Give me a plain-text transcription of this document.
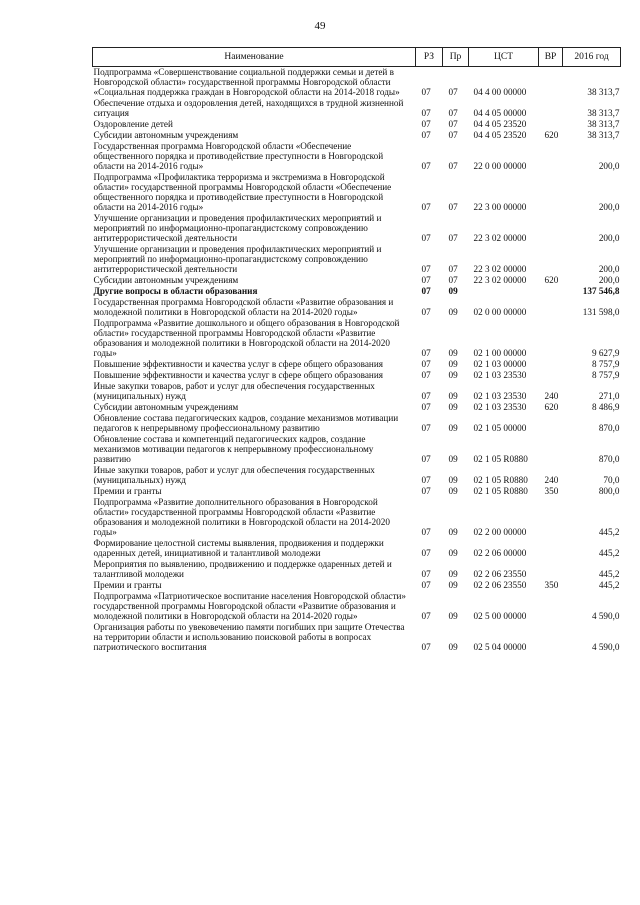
49
Наименование	РЗ	Пр	ЦСТ	ВР	2016 год
Подпрограмма «Совершенствование социальной поддержки семьи и детей в Новгородской области» государственной программы Новгородской области «Социальная поддержка граждан в Новгородской области на 2014-2018 годы»	07	07	04 4 00 00000		38 313,7
Обеспечение отдыха и оздоровления детей, находящихся в трудной жизненной ситуация	07	07	04 4 05 00000		38 313,7
Оздоровление детей	07	07	04 4 05 23520		38 313,7
Субсидии автономным учреждениям	07	07	04 4 05 23520	620	38 313,7
Государственная программа Новгородской области «Обеспечение общественного порядка и противодействие преступности в Новгородской области на 2014-2016 годы»	07	07	22 0 00 00000		200,0
Подпрограмма «Профилактика терроризма и экстремизма в Новгородской области» государственной программы Новгородской области «Обеспечение общественного порядка и противодействие преступности в Новгородской области на 2014-2016 годы»	07	07	22 3 00 00000		200,0
Улучшение организации и проведения профилактических мероприятий и мероприятий по информационно-пропагандистскому сопровождению антитеррористической деятельности	07	07	22 3 02 00000		200,0
Улучшение организации и проведения профилактических мероприятий и мероприятий по информационно-пропагандистскому сопровождению антитеррористической деятельности	07	07	22 3 02 00000		200,0
Субсидии автономным учреждениям	07	07	22 3 02 00000	620	200,0
Другие вопросы в области образования	07	09			137 546,8
Государственная программа Новгородской области «Развитие образования и молодежной политики в Новгородской области на 2014-2020 годы»	07	09	02 0 00 00000		131 598,0
Подпрограмма «Развитие дошкольного и общего образования в Новгородской области» государственной программы Новгородской области «Развитие образования и молодежной политики в Новгородской области на 2014-2020 годы»	07	09	02 1 00 00000		9 627,9
Повышение эффективности и качества услуг в сфере общего образования	07	09	02 1 03 00000		8 757,9
Повышение эффективности и качества услуг в сфере общего образования	07	09	02 1 03 23530		8 757,9
Иные закупки товаров, работ и услуг для обеспечения государственных (муниципальных) нужд	07	09	02 1 03 23530	240	271,0
Субсидии автономным учреждениям	07	09	02 1 03 23530	620	8 486,9
Обновление состава педагогических кадров, создание механизмов мотивации педагогов к непрерывному профессиональному развитию	07	09	02 1 05 00000		870,0
Обновление состава и компетенций педагогических кадров, создание механизмов мотивации педагогов к непрерывному профессиональному развитию	07	09	02 1 05 R0880		870,0
Иные закупки товаров, работ и услуг для обеспечения государственных (муниципальных) нужд	07	09	02 1 05 R0880	240	70,0
Премии и гранты	07	09	02 1 05 R0880	350	800,0
Подпрограмма «Развитие дополнительного образования в Новгородской области» государственной программы Новгородской области «Развитие образования и молодежной политики в Новгородской области на 2014-2020 годы»	07	09	02 2 00 00000		445,2
Формирование целостной системы выявления, продвижения и поддержки одаренных детей, инициативной и талантливой молодежи	07	09	02 2 06 00000		445,2
Мероприятия по выявлению, продвижению и поддержке одаренных детей и талантливой молодежи	07	09	02 2 06 23550		445,2
Премии и гранты	07	09	02 2 06 23550	350	445,2
Подпрограмма «Патриотическое воспитание населения Новгородской области» государственной программы Новгородской области «Развитие образования и молодежной политики в Новгородской области на 2014-2020 годы»	07	09	02 5 00 00000		4 590,0
Организация работы по увековечению памяти погибших при защите Отечества на территории области и использованию поисковой работы в вопросах патриотического воспитания	07	09	02 5 04 00000		4 590,0
